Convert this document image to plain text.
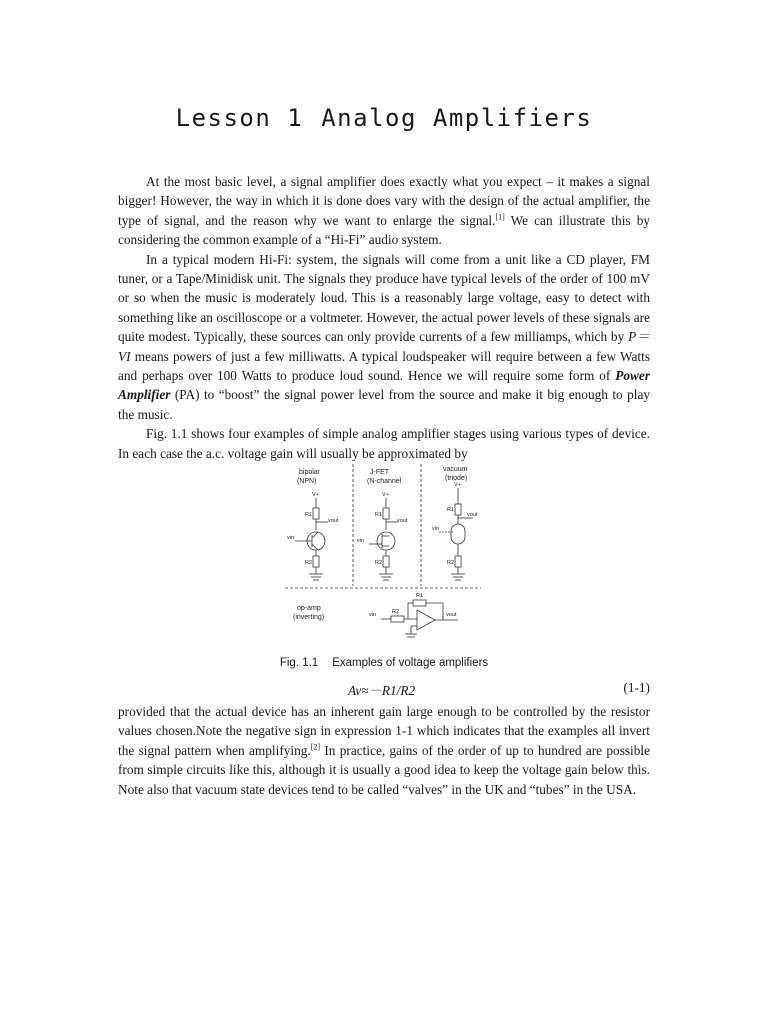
Lesson 1 Analog Amplifiers

At the most basic level, a signal amplifier does exactly what you expect – it makes a signal bigger! However, the way in which it is done does vary with the design of the actual amplifier, the type of signal, and the reason why we want to enlarge the signal.[1] We can illustrate this by considering the common example of a “Hi-Fi” audio system.

In a typical modern Hi-Fi: system, the signals will come from a unit like a CD player, FM tuner, or a Tape/Minidisk unit. The signals they produce have typical levels of the order of 100 mV or so when the music is moderately loud. This is a reasonably large voltage, easy to detect with something like an oscilloscope or a voltmeter. However, the actual power levels of these signals are quite modest. Typically, these sources can only provide currents of a few milliamps, which by P＝VI means powers of just a few milliwatts. A typical loudspeaker will require between a few Watts and perhaps over 100 Watts to produce loud sound. Hence we will require some form of Power Amplifier (PA) to “boost” the signal power level from the source and make it big enough to play the music.

Fig. 1.1 shows four examples of simple analog amplifier stages using various types of device. In each case the a.c. voltage gain will usually be approximated by

bipolar
(NPN)
J-FET
(N-channel
vacuum
(triode)
op-amp
(inverting)
V+
R1
vout
vin
R2
V+
R1
vout
vin
R2
V+
R1
vout
vin
R2
R1
R2
vin	vout
Fig. 1.1 Examples of voltage amplifiers
Av≈－R1/R2	(1-1)

provided that the actual device has an inherent gain large enough to be controlled by the resistor values chosen.Note the negative sign in expression 1-1 which indicates that the examples all invert the signal pattern when amplifying.[2] In practice, gains of the order of up to hundred are possible from simple circuits like this, although it is usually a good idea to keep the voltage gain below this. Note also that vacuum state devices tend to be called “valves” in the UK and “tubes” in the USA.
